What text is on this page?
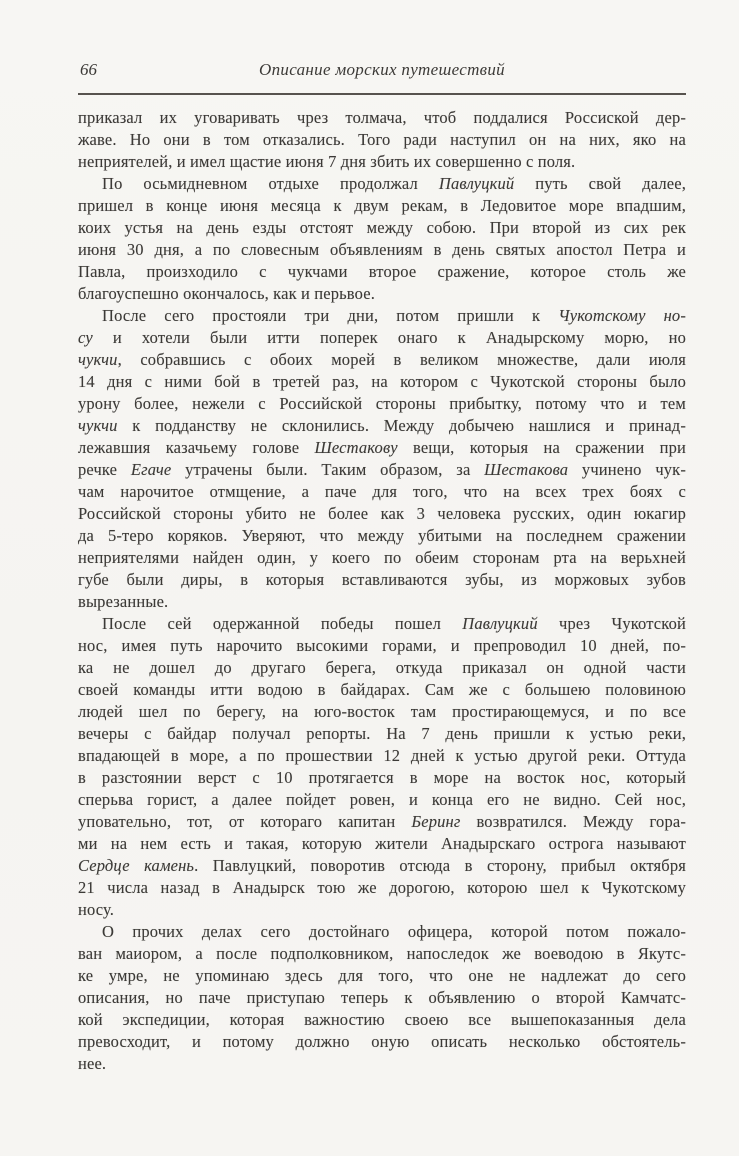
66	Описание морских путешествий
приказал их уговаривать чрез толмача, чтоб поддалися Россиской дер-
жаве. Но они в том отказались. Того ради наступил он на них, яко на
неприятелей, и имел щастие июня 7 дня збить их совершенно с поля.
По осьмидневном отдыхе продолжал Павлуцкий путь свой далее,
пришел в конце июня месяца к двум рекам, в Ледовитое море впадшим,
коих устья на день езды отстоят между собою. При второй из сих рек
июня 30 дня, а по словесным объявлениям в день святых апостол Петра и
Павла, произходило с чукчами второе сражение, которое столь же
благоуспешно окончалось, как и перьвое.
После сего простояли три дни, потом пришли к Чукотскому но-
су и хотели были итти поперек онаго к Анадырскому морю, но
чукчи, собравшись с обоих морей в великом множестве, дали июля
14 дня с ними бой в третей раз, на котором с Чукотской стороны было
урону более, нежели с Российской стороны прибытку, потому что и тем
чукчи к подданству не склонились. Между добычею нашлися и принад-
лежавшия казачьему голове Шестакову вещи, которыя на сражении при
речке Егаче утрачены были. Таким образом, за Шестакова учинено чук-
чам нарочитое отмщение, а паче для того, что на всех трех боях с
Российской стороны убито не более как 3 человека русских, один юкагир
да 5-теро коряков. Уверяют, что между убитыми на последнем сражении
неприятелями найден один, у коего по обеим сторонам рта на верьхней
губе были диры, в которыя вставливаются зубы, из моржовых зубов
вырезанные.
После сей одержанной победы пошел Павлуцкий чрез Чукотской
нос, имея путь нарочито высокими горами, и препроводил 10 дней, по-
ка не дошел до другаго берега, откуда приказал он одной части
своей команды итти водою в байдарах. Сам же с большею половиною
людей шел по берегу, на юго-восток там простирающемуся, и по все
вечеры с байдар получал репорты. На 7 день пришли к устью реки,
впадающей в море, а по прошествии 12 дней к устью другой реки. Оттуда
в разстоянии верст с 10 протягается в море на восток нос, который
сперьва горист, а далее пойдет ровен, и конца его не видно. Сей нос,
уповательно, тот, от котораго капитан Беринг возвратился. Между гора-
ми на нем есть и такая, которую жители Анадырскаго острога называют
Сердце камень. Павлуцкий, поворотив отсюда в сторону, прибыл октября
21 числа назад в Анадырск тою же дорогою, которою шел к Чукотскому
носу.
О прочих делах сего достойнаго офицера, которой потом пожало-
ван маиором, а после подполковником, напоследок же воеводою в Якутс-
ке умре, не упоминаю здесь для того, что оне не надлежат до сего
описания, но паче приступаю теперь к объявлению о второй Камчатс-
кой экспедиции, которая важностию своею все вышепоказанныя дела
превосходит, и потому должно оную описать несколько обстоятель-
нее.
